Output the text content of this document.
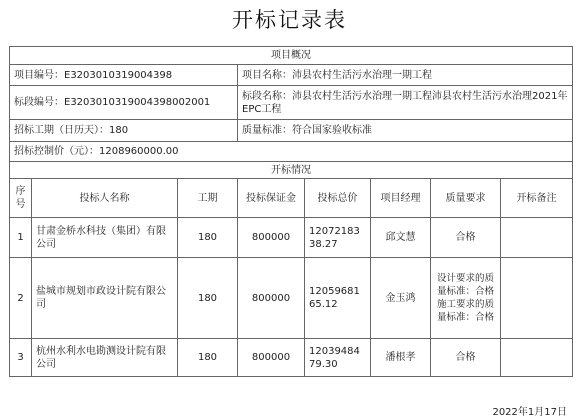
开标记录表
项目概况							
项目编号：E3203010319004398			项目名称：沛县农村生活污水治理一期工程				
标段编号：E3203010319004398002001			标段名称：沛县农村生活污水治理一期工程沛县农村生活污水治理2021年EPC工程				
招标工期（日历天）：180			质量标准：符合国家验收标准				
招标控制价（元）：1208960000.00							
开标情况							
序号	投标人名称	工期	投标保证金	投标总价	项目经理	质量要求	开标备注
1	甘肃金桥水科技（集团）有限公司	180	800000	1207218338.27	邱文慧	合格	
2	盐城市规划市政设计院有限公司	180	800000	1205968165.12	金玉鸿	设计要求的质量标准：合格 施工要求的质量标准：合格	
3	杭州水利水电勘测设计院有限公司	180	800000	1203948479.30	潘根孝	合格	
2022年1月17日
